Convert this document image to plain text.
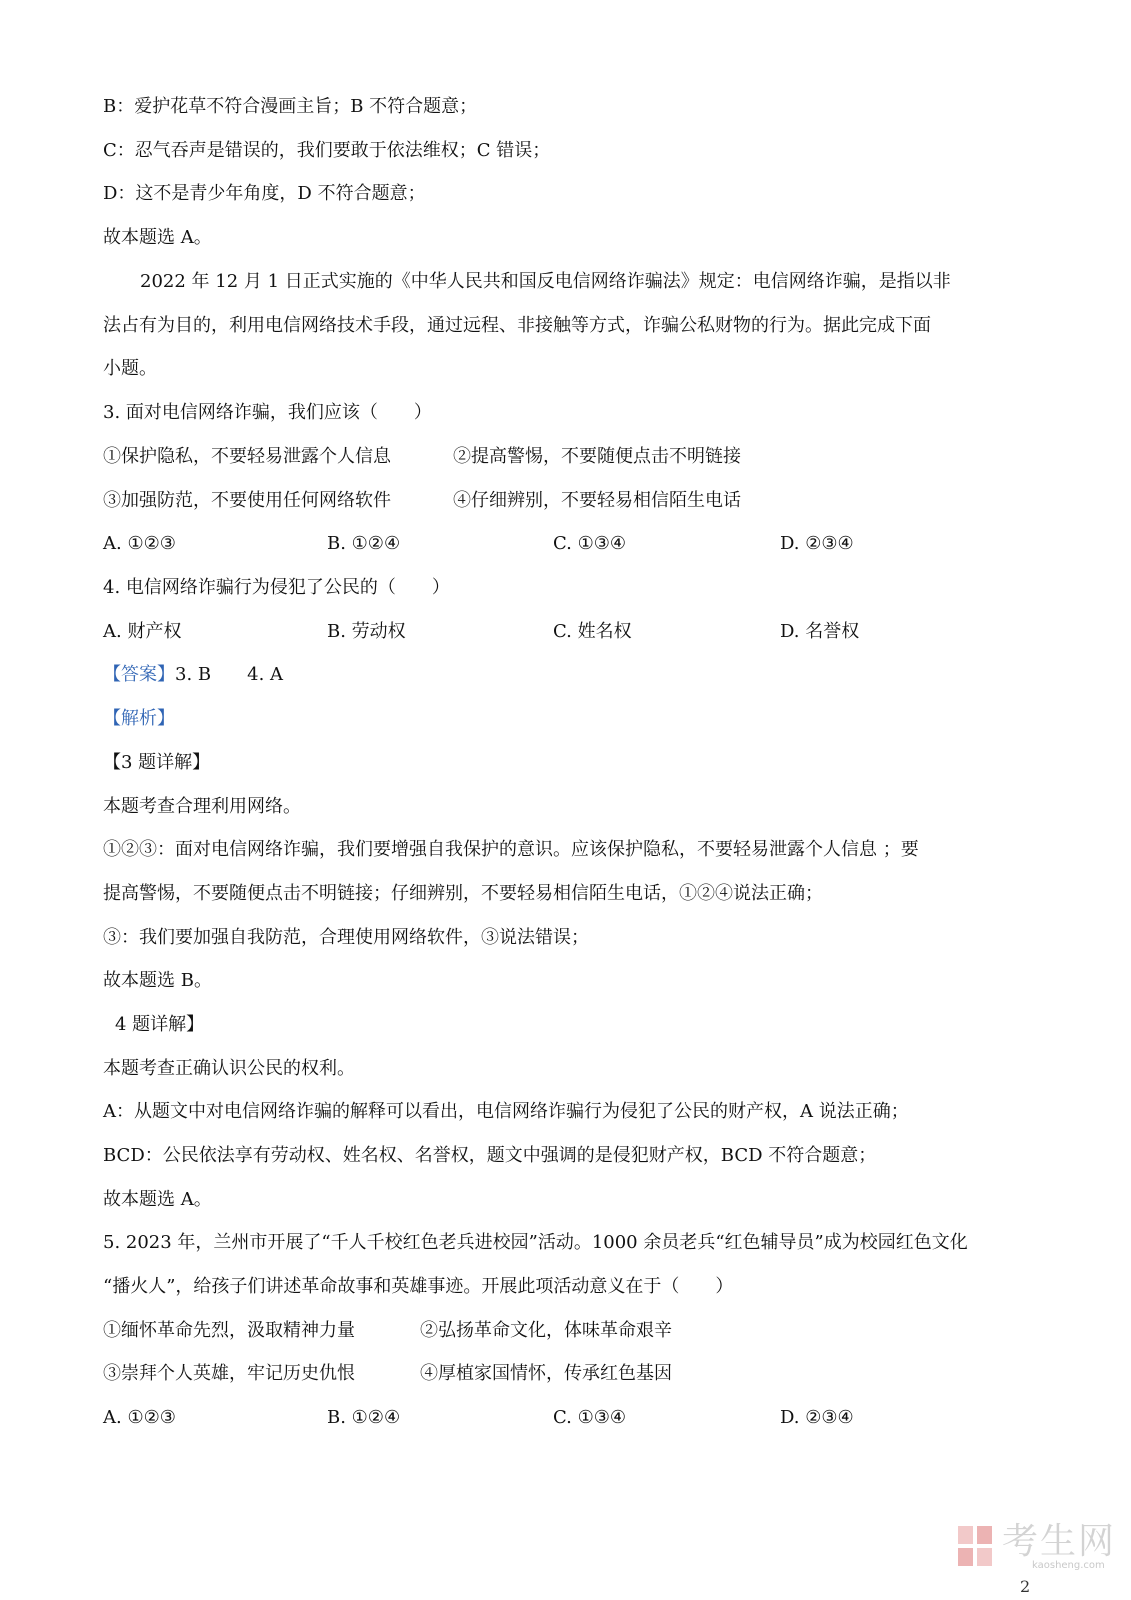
B：爱护花草不符合漫画主旨；B 不符合题意；
C：忍气吞声是错误的，我们要敢于依法维权；C 错误；
D：这不是青少年角度，D 不符合题意；
故本题选 A。
2022 年 12 月 1 日正式实施的《中华人民共和国反电信网络诈骗法》规定：电信网络诈骗，是指以非
法占有为目的，利用电信网络技术手段，通过远程、非接触等方式，诈骗公私财物的行为。据此完成下面
小题。
3. 面对电信网络诈骗，我们应该（　　）
①保护隐私，不要轻易泄露个人信息	②提高警惕，不要随便点击不明链接
③加强防范，不要使用任何网络软件	④仔细辨别，不要轻易相信陌生电话
A. ①②③	B. ①②④	C. ①③④	D. ②③④
4. 电信网络诈骗行为侵犯了公民的（　　）
A. 财产权	B. 劳动权	C. 姓名权	D. 名誉权
【答案】3. B　　4. A
【解析】
【3 题详解】
本题考查合理利用网络。
①②③：面对电信网络诈骗，我们要增强自我保护的意识。应该保护隐私，不要轻易泄露个人信息 ；要
提高警惕，不要随便点击不明链接；仔细辨别，不要轻易相信陌生电话，①②④说法正确；
③：我们要加强自我防范，合理使用网络软件，③说法错误；
故本题选 B。
4 题详解】
本题考查正确认识公民的权利。
A：从题文中对电信网络诈骗的解释可以看出，电信网络诈骗行为侵犯了公民的财产权，A 说法正确；
BCD：公民依法享有劳动权、姓名权、名誉权，题文中强调的是侵犯财产权，BCD 不符合题意；
故本题选 A。
5. 2023 年，兰州市开展了“千人千校红色老兵进校园”活动。1000 余员老兵“红色辅导员”成为校园红色文化
“播火人”，给孩子们讲述革命故事和英雄事迹。开展此项活动意义在于（　　）
①缅怀革命先烈，汲取精神力量	②弘扬革命文化，体味革命艰辛
③崇拜个人英雄，牢记历史仇恨	④厚植家国情怀，传承红色基因
A. ①②③	B. ①②④	C. ①③④	D. ②③④
考生网
kaosheng.com
2
